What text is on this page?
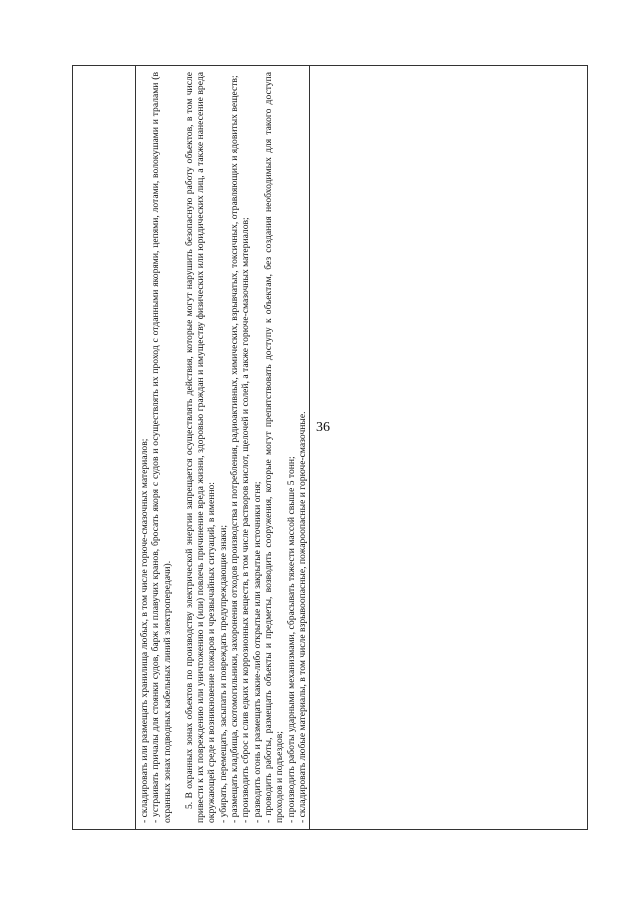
36

- складировать или размещать хранилища любых, в том числе горюче-смазочных материалов; - устраивать причалы для стоянки судов, барж и плавучих кранов, бросать якоря с судов и осуществлять их проход с отданными якорями, цепями, лотами, волокушами и тралами (в охранных зонах подводных кабельных линий электропередачи). 5. В охранных зонах объектов по производству электрической энергии запрещается осуществлять действия, которые могут нарушить безопасную работу объектов, в том числе привести к их повреждению или уничтожению и (или) повлечь причинение вреда жизни, здоровью граждан и имуществу физических или юридических лиц, а также нанесение вреда окружающей среде и возникновение пожаров и чрезвычайных ситуаций, в именно: - убирать, перемещать, засыпать и повреждать предупреждающие знаки; - размещать кладбища, скотомогильники, захоронения отходов производства и потребления, радиоактивных, химических, взрывчатых, токсичных, отравляющих и ядовитых веществ; - производить сброс и слив едких и коррозионных веществ, в том числе растворов кислот, щелочей и солей, а также горюче-смазочных материалов; - разводить огонь и размещать какие-либо открытые или закрытые источники огня; - проводить работы, размещать объекты и предметы, возводить сооружения, которые могут препятствовать доступу к объектам, без создания необходимых для такого доступа проходов и подъездов; - производить работы ударными механизмами, сбрасывать тяжести массой свыше 5 тонн; - складировать любые материалы, в том числе взрывоопасные, пожароопасные и горюче-смазочные.
